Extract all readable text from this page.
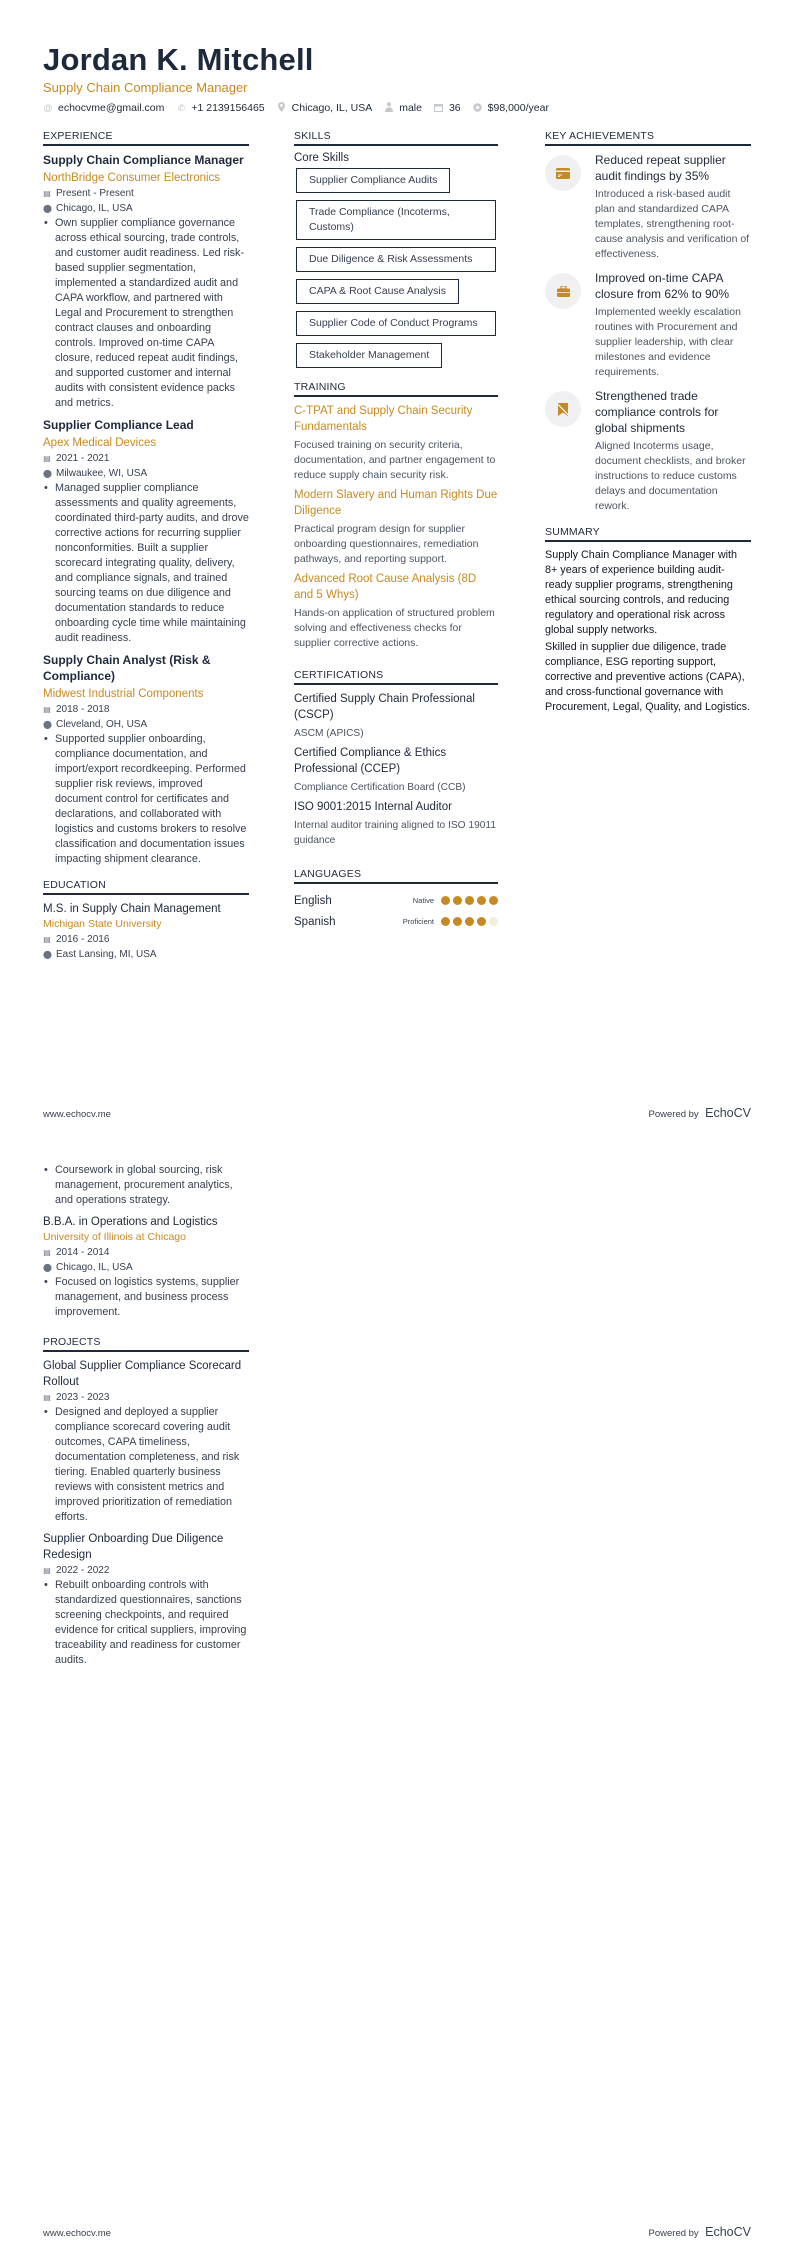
Jordan K. Mitchell
Supply Chain Compliance Manager
@ echocvme@gmail.com ✆ +1 2139156465	Chicago, IL, USA	male	36	$98,000/year
EXPERIENCE
Supply Chain Compliance Manager
NorthBridge Consumer Electronics
▤ Present - Present
⬤ Chicago, IL, USA
• Own supplier compliance governance across ethical sourcing, trade controls, and customer audit readiness. Led risk-based supplier segmentation, implemented a standardized audit and CAPA workflow, and partnered with Legal and Procurement to strengthen contract clauses and onboarding controls. Improved on-time CAPA closure, reduced repeat audit findings, and supported customer and internal audits with consistent evidence packs and metrics.
Supplier Compliance Lead
Apex Medical Devices
▤ 2021 - 2021
⬤ Milwaukee, WI, USA
• Managed supplier compliance assessments and quality agreements, coordinated third-party audits, and drove corrective actions for recurring supplier nonconformities. Built a supplier scorecard integrating quality, delivery, and compliance signals, and trained sourcing teams on due diligence and documentation standards to reduce onboarding cycle time while maintaining audit readiness.
Supply Chain Analyst (Risk & Compliance)
Midwest Industrial Components
▤ 2018 - 2018
⬤ Cleveland, OH, USA
• Supported supplier onboarding, compliance documentation, and import/export recordkeeping. Performed supplier risk reviews, improved document control for certificates and declarations, and collaborated with logistics and customs brokers to resolve classification and documentation issues impacting shipment clearance.
EDUCATION
M.S. in Supply Chain Management
Michigan State University
▤ 2016 - 2016
⬤ East Lansing, MI, USA
SKILLS
Core Skills
Supplier Compliance Audits
Trade Compliance (Incoterms, Customs)
Due Diligence & Risk Assessments
CAPA & Root Cause Analysis
Supplier Code of Conduct Programs
Stakeholder Management
TRAINING
C-TPAT and Supply Chain Security Fundamentals
Focused training on security criteria, documentation, and partner engagement to reduce supply chain security risk.
Modern Slavery and Human Rights Due Diligence
Practical program design for supplier onboarding questionnaires, remediation pathways, and reporting support.
Advanced Root Cause Analysis (8D and 5 Whys)
Hands-on application of structured problem solving and effectiveness checks for supplier corrective actions.
CERTIFICATIONS
Certified Supply Chain Professional (CSCP)
ASCM (APICS)
Certified Compliance & Ethics Professional (CCEP)
Compliance Certification Board (CCB)
ISO 9001:2015 Internal Auditor
Internal auditor training aligned to ISO 19011 guidance
LANGUAGES
English	Native
Spanish	Proficient
KEY ACHIEVEMENTS
Reduced repeat supplier audit findings by 35%
Introduced a risk-based audit plan and standardized CAPA templates, strengthening root-cause analysis and verification of effectiveness.
Improved on-time CAPA closure from 62% to 90%
Implemented weekly escalation routines with Procurement and supplier leadership, with clear milestones and evidence requirements.
Strengthened trade compliance controls for global shipments
Aligned Incoterms usage, document checklists, and broker instructions to reduce customs delays and documentation rework.
SUMMARY

Supply Chain Compliance Manager with 8+ years of experience building audit-ready supplier programs, strengthening ethical sourcing controls, and reducing regulatory and operational risk across global supply networks.

Skilled in supplier due diligence, trade compliance, ESG reporting support, corrective and preventive actions (CAPA), and cross-functional governance with Procurement, Legal, Quality, and Logistics.

www.echocv.me	Powered by EchoCV
• Coursework in global sourcing, risk management, procurement analytics, and operations strategy.
B.B.A. in Operations and Logistics
University of Illinois at Chicago
▤ 2014 - 2014
⬤ Chicago, IL, USA
• Focused on logistics systems, supplier management, and business process improvement.
PROJECTS
Global Supplier Compliance Scorecard Rollout
▤ 2023 - 2023
• Designed and deployed a supplier compliance scorecard covering audit outcomes, CAPA timeliness, documentation completeness, and risk tiering. Enabled quarterly business reviews with consistent metrics and improved prioritization of remediation efforts.
Supplier Onboarding Due Diligence Redesign
▤ 2022 - 2022
• Rebuilt onboarding controls with standardized questionnaires, sanctions screening checkpoints, and required evidence for critical suppliers, improving traceability and readiness for customer audits.
www.echocv.me	Powered by EchoCV
